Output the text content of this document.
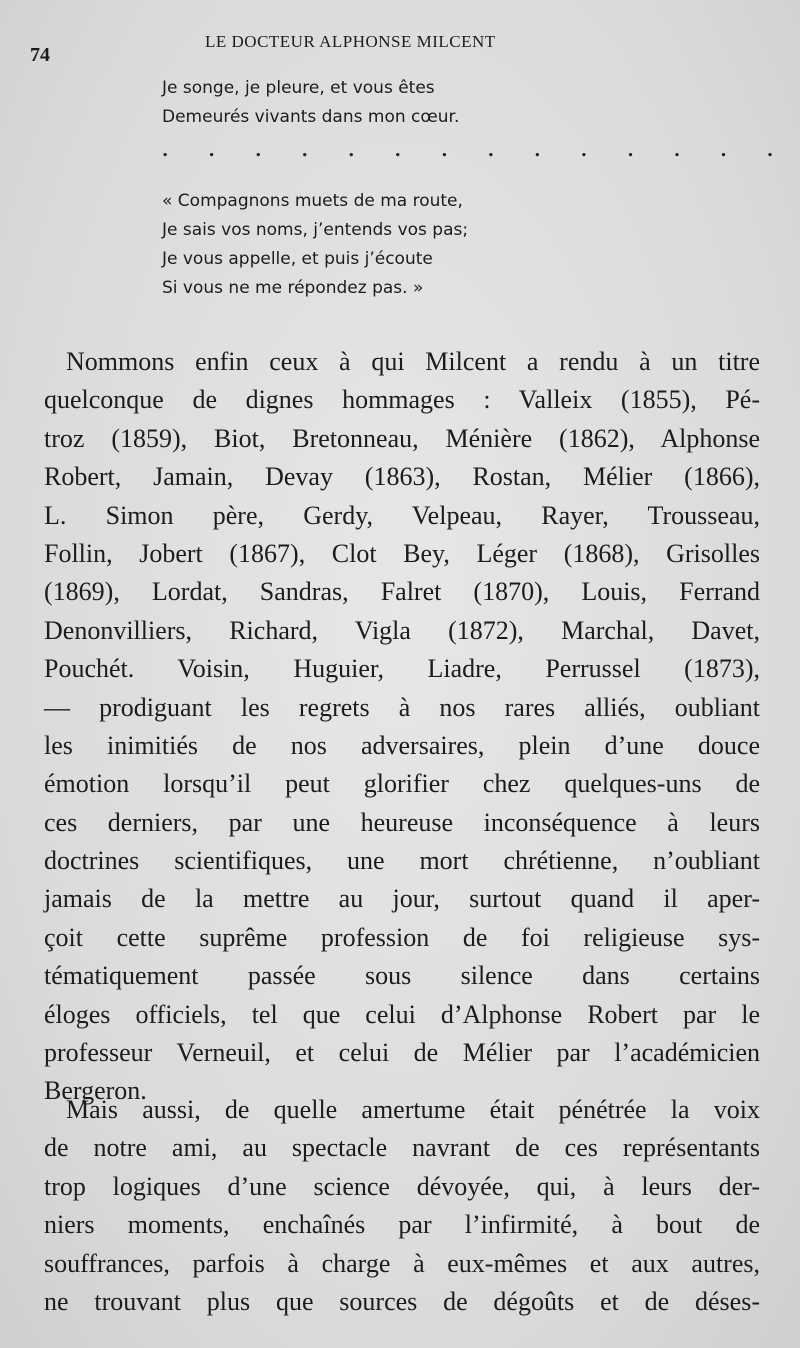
74
LE DOCTEUR ALPHONSE MILCENT
Je songe, je pleure, et vous êtes
Demeurés vivants dans mon cœur.
. . . . . . . . . . . . . .
« Compagnons muets de ma route,
Je sais vos noms, j’entends vos pas;
Je vous appelle, et puis j’écoute
Si vous ne me répondez pas. »
Nommons enfin ceux à qui Milcent a rendu à un titre
quelconque de dignes hommages : Valleix (1855), Pé-
troz (1859), Biot, Bretonneau, Ménière (1862), Alphonse
Robert, Jamain, Devay (1863), Rostan, Mélier (1866),
L. Simon père, Gerdy, Velpeau, Rayer, Trousseau,
Follin, Jobert (1867), Clot Bey, Léger (1868), Grisolles
(1869), Lordat, Sandras, Falret (1870), Louis, Ferrand
Denonvilliers, Richard, Vigla (1872), Marchal, Davet,
Pouchét. Voisin, Huguier, Liadre, Perrussel (1873),
— prodiguant les regrets à nos rares alliés, oubliant
les inimitiés de nos adversaires, plein d’une douce
émotion lorsqu’il peut glorifier chez quelques-uns de
ces derniers, par une heureuse inconséquence à leurs
doctrines scientifiques, une mort chrétienne, n’oubliant
jamais de la mettre au jour, surtout quand il aper-
çoit cette suprême profession de foi religieuse sys-
tématiquement passée sous silence dans certains
éloges officiels, tel que celui d’Alphonse Robert par le
professeur Verneuil, et celui de Mélier par l’académicien
Bergeron.
Mais aussi, de quelle amertume était pénétrée la voix
de notre ami, au spectacle navrant de ces représentants
trop logiques d’une science dévoyée, qui, à leurs der-
niers moments, enchaînés par l’infirmité, à bout de
souffrances, parfois à charge à eux-mêmes et aux autres,
ne trouvant plus que sources de dégoûts et de déses-
